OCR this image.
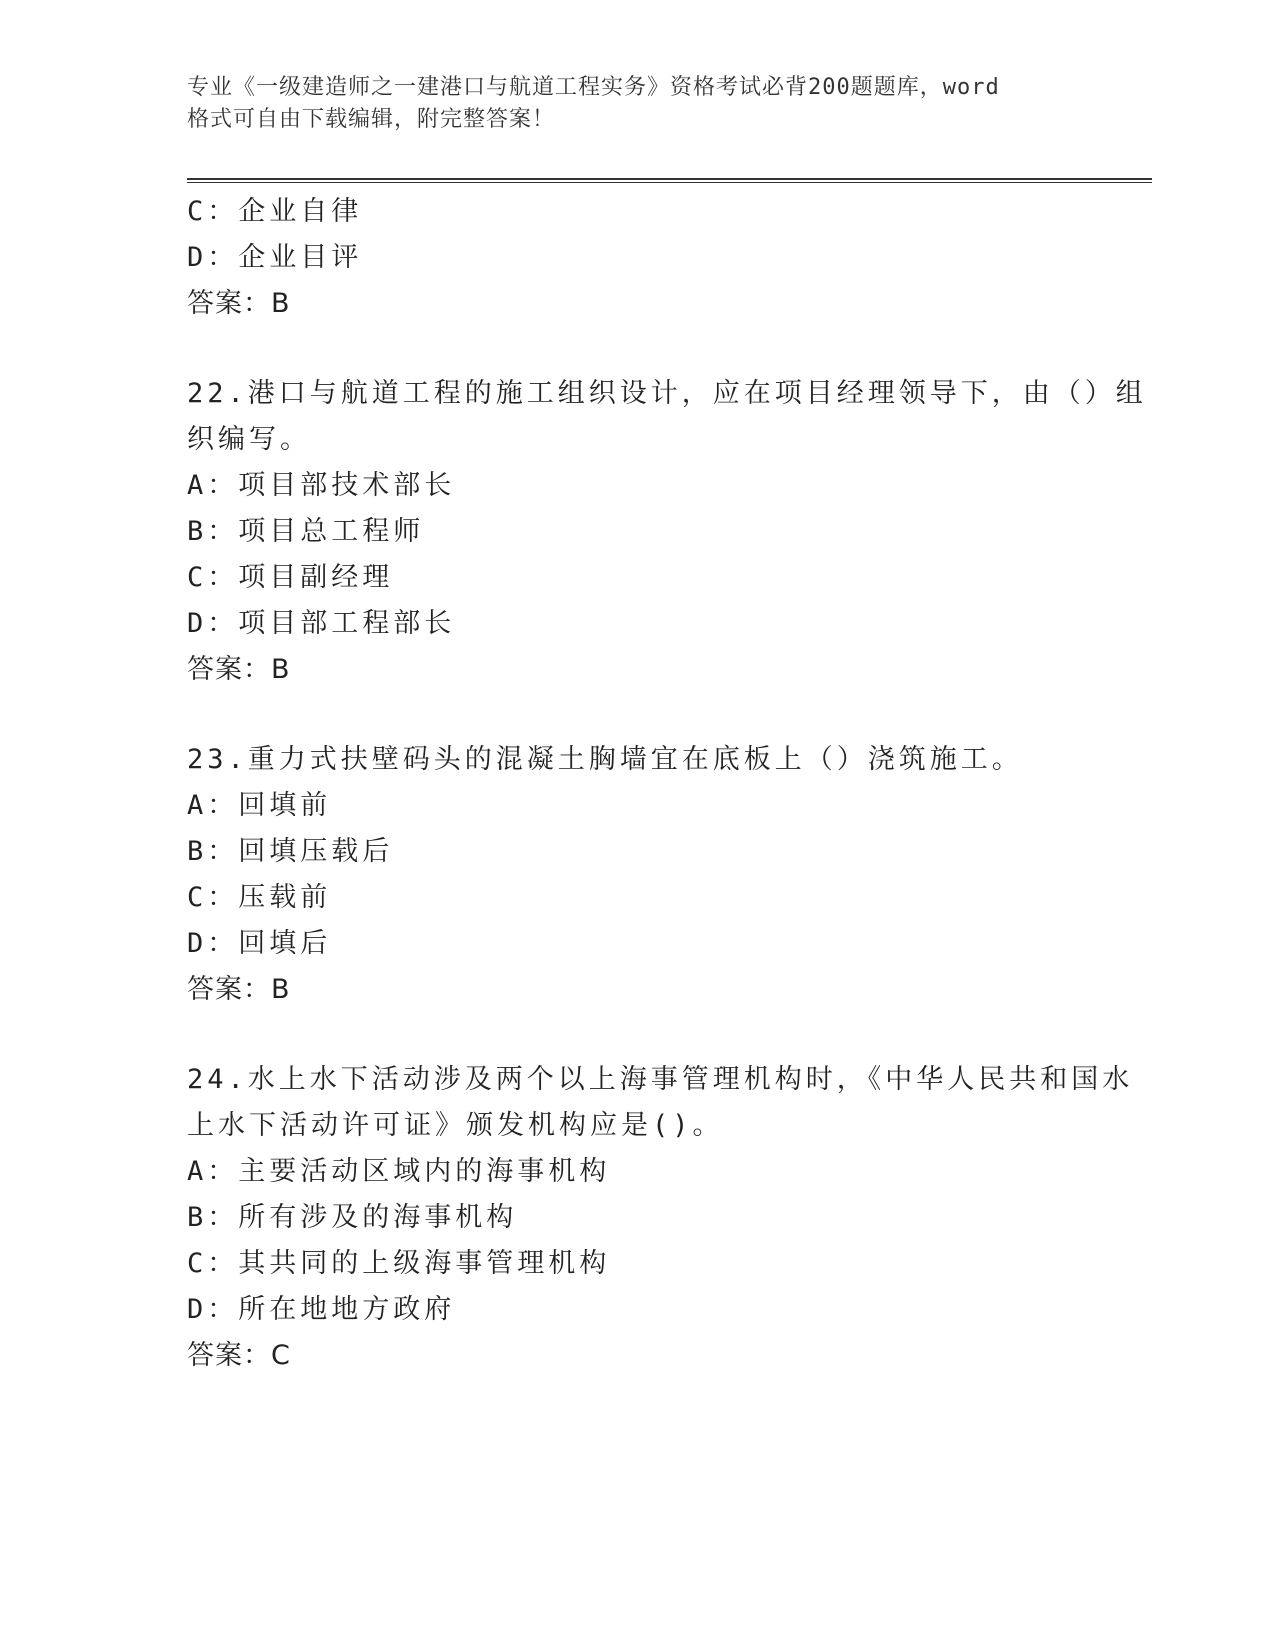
专业《一级建造师之一建港口与航道工程实务》资格考试必背200题题库，word
格式可自由下载编辑，附完整答案！
C：企业自律
D：企业目评
答案：B
22.港口与航道工程的施工组织设计，应在项目经理领导下，由（）组
织编写。
A：项目部技术部长
B：项目总工程师
C：项目副经理
D：项目部工程部长
答案：B
23.重力式扶壁码头的混凝土胸墙宜在底板上（）浇筑施工。
A：回填前
B：回填压载后
C：压载前
D：回填后
答案：B
24.水上水下活动涉及两个以上海事管理机构时，《中华人民共和国水
上水下活动许可证》颁发机构应是()。
A：主要活动区域内的海事机构
B：所有涉及的海事机构
C：其共同的上级海事管理机构
D：所在地地方政府
答案：C
